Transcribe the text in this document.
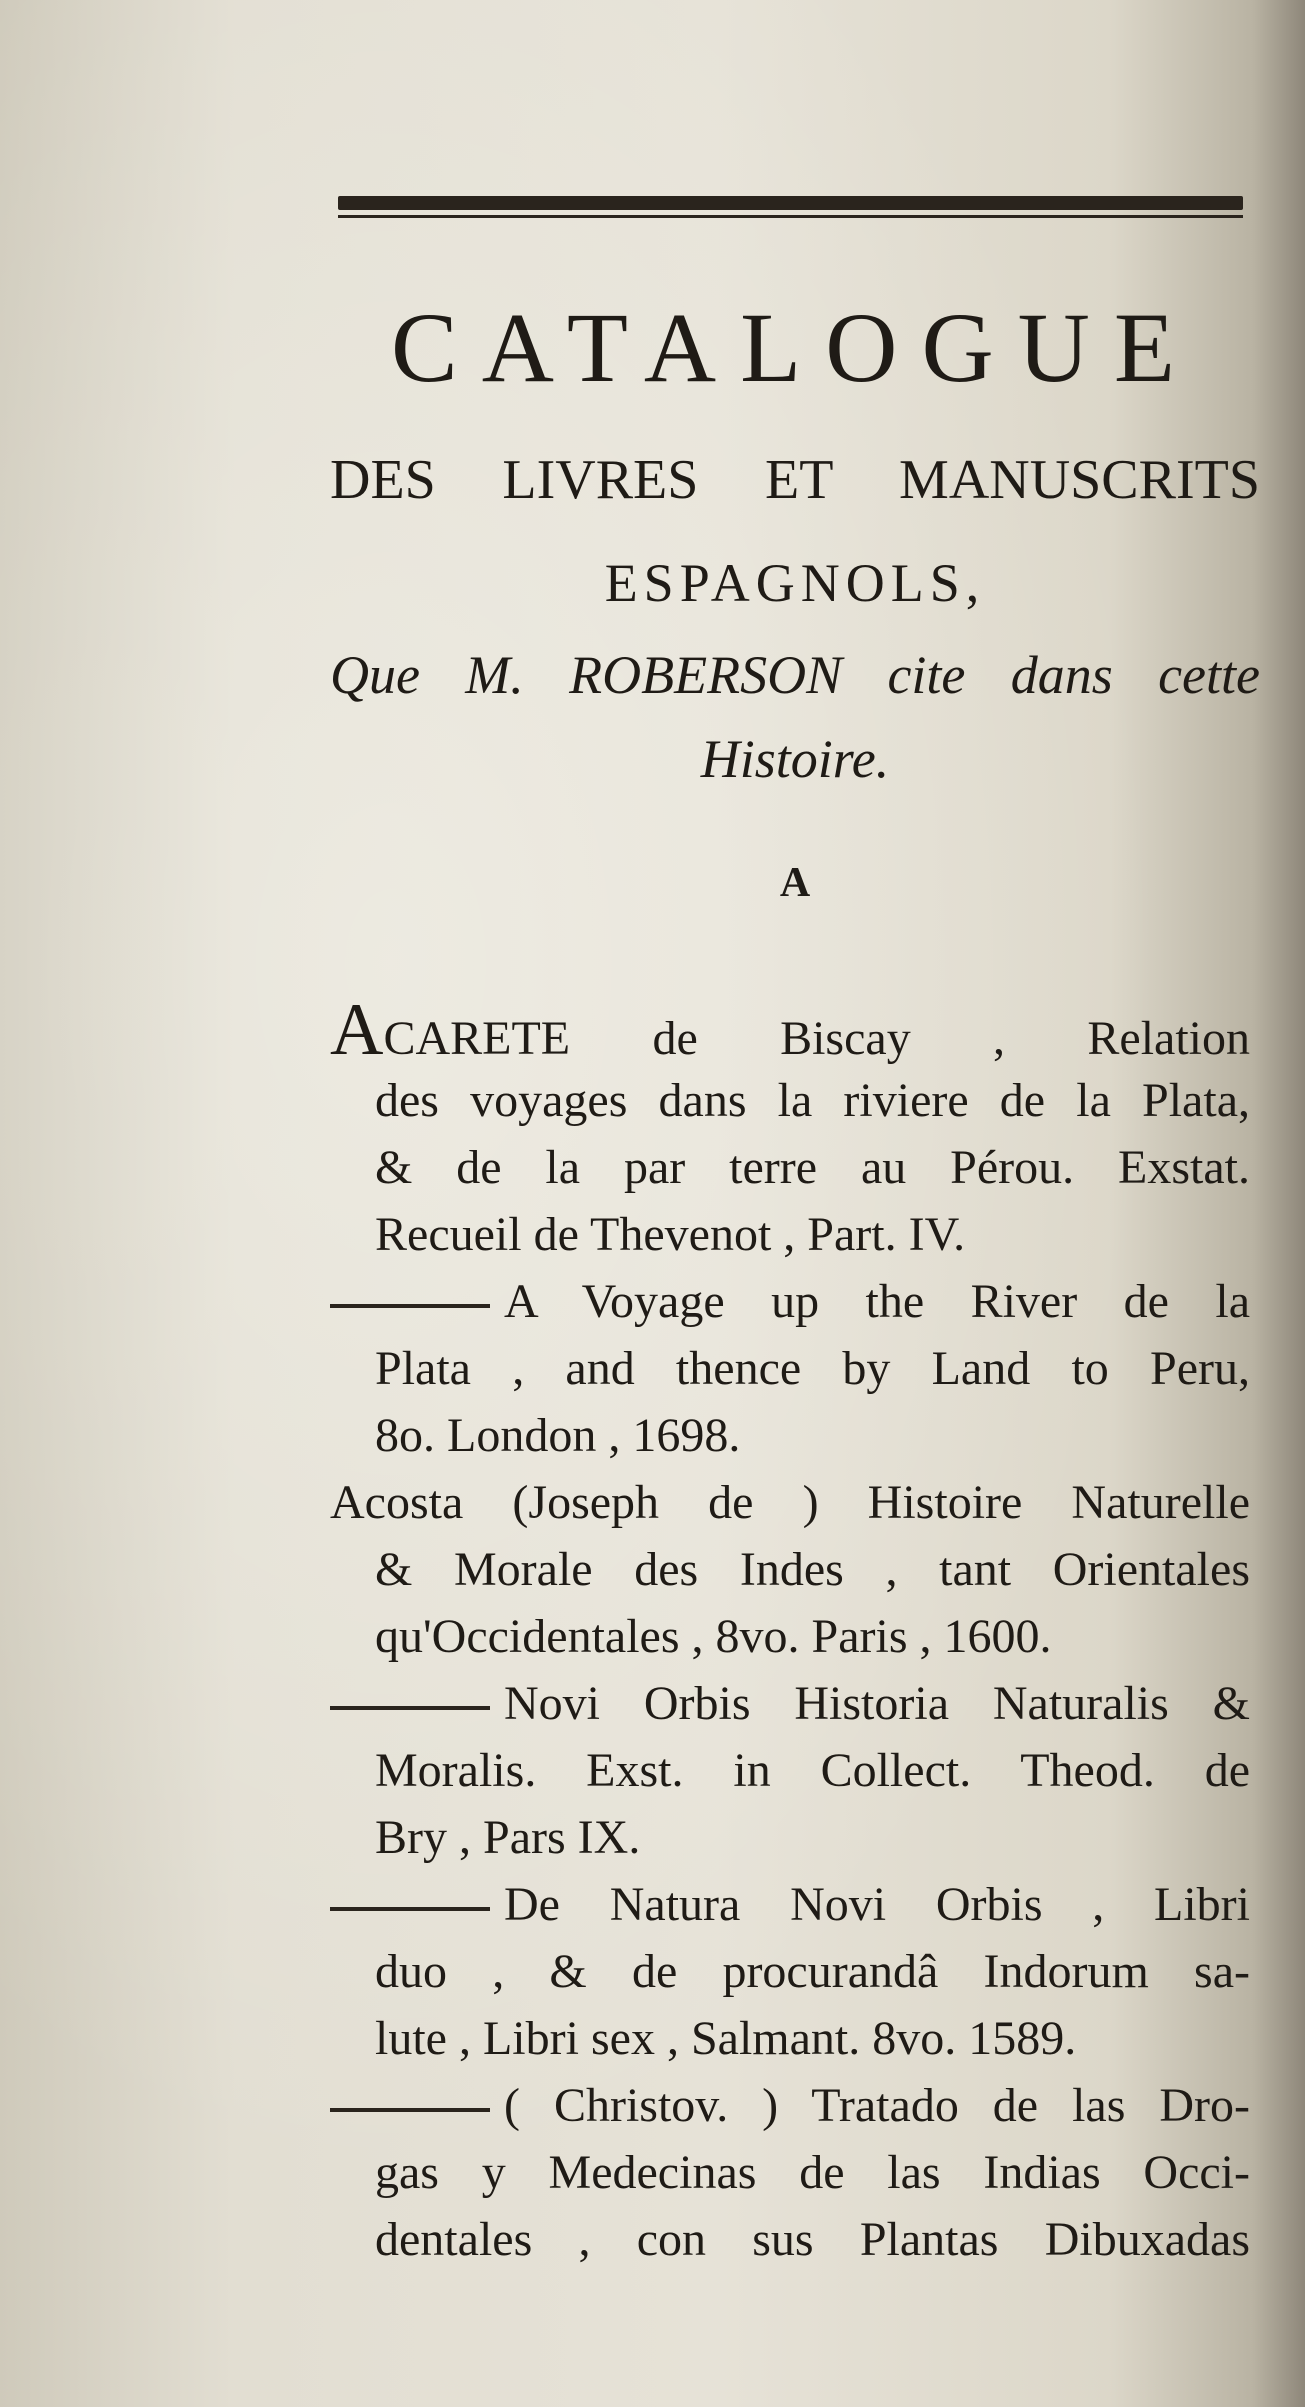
CATALOGUE
DES LIVRES ET MANUSCRITS
ESPAGNOLS,
Que M. ROBERSON cite dans cette
Histoire.
A
ACARETE de Biscay , Relation
des voyages dans la riviere de la Plata,
& de la par terre au Pérou. Exstat.
Recueil de Thevenot , Part. IV.
A Voyage up the River de la
Plata , and thence by Land to Peru,
8o. London , 1698.
Acosta (Joseph de ) Histoire Naturelle
& Morale des Indes , tant Orientales
qu'Occidentales , 8vo. Paris , 1600.
Novi Orbis Historia Naturalis &
Moralis. Exst. in Collect. Theod. de
Bry , Pars IX.
De Natura Novi Orbis , Libri
duo , & de procurandâ Indorum sa-
lute , Libri sex , Salmant. 8vo. 1589.
( Christov. ) Tratado de las Dro-
gas y Medecinas de las Indias Occi-
dentales , con sus Plantas Dibuxadas
